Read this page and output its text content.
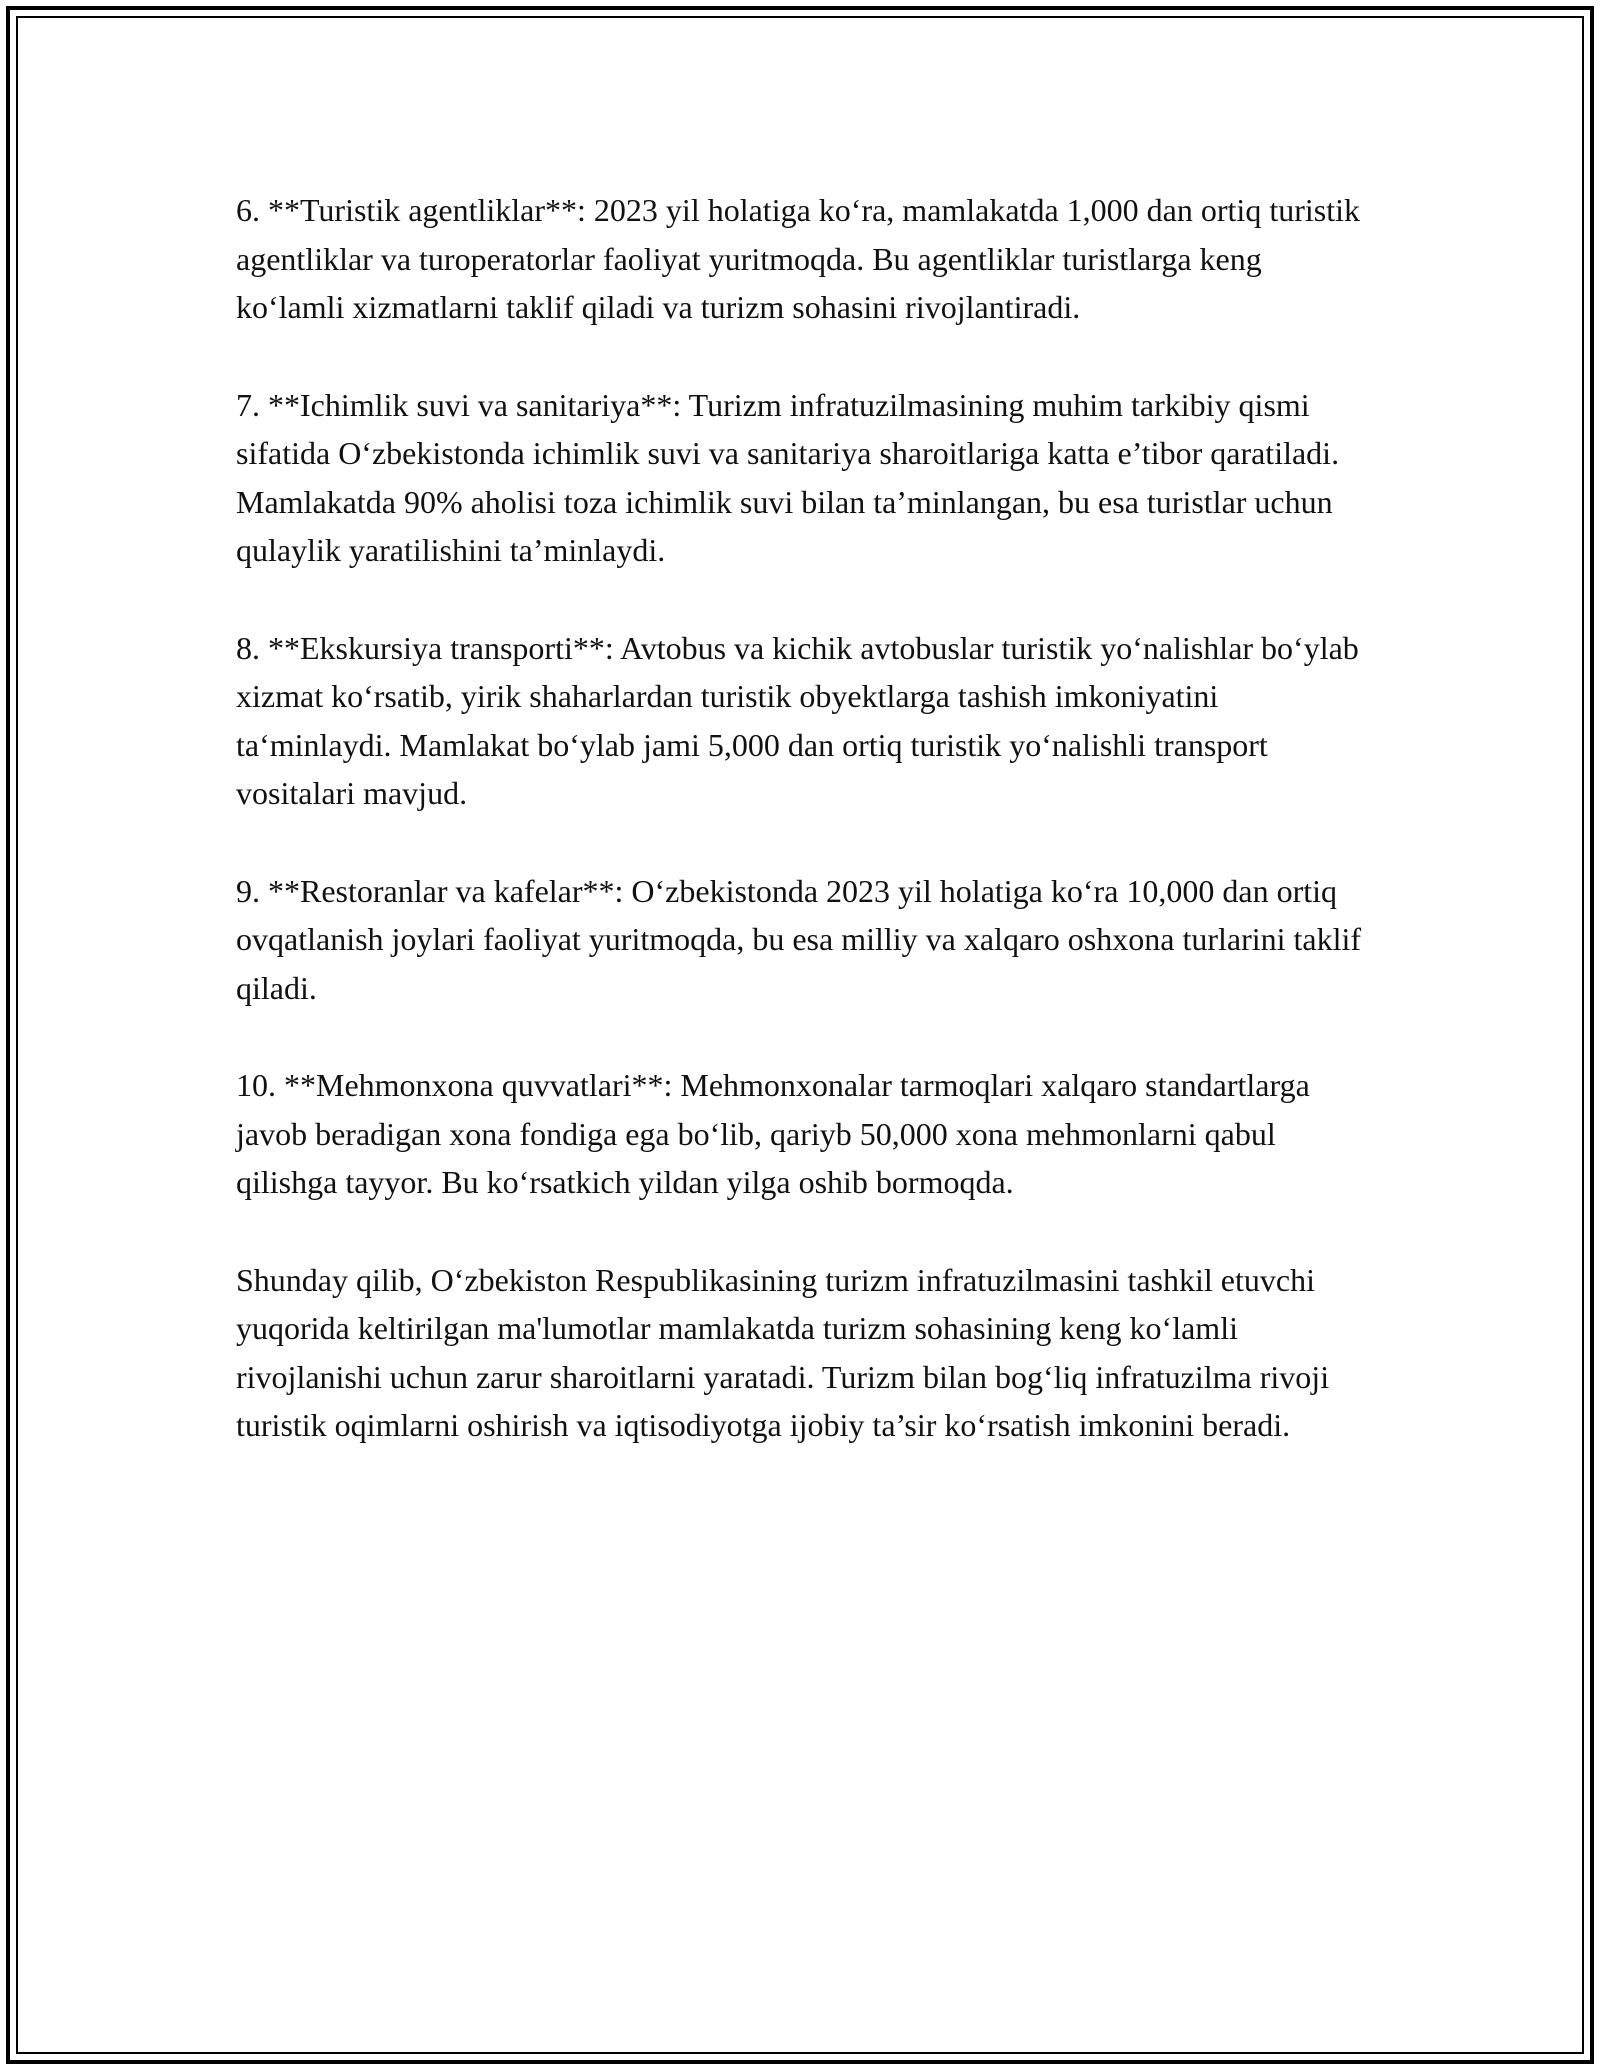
6. **Turistik agentliklar**: 2023 yil holatiga ko‘ra, mamlakatda 1,000 dan ortiq turistik agentliklar va turoperatorlar faoliyat yuritmoqda. Bu agentliklar turistlarga keng ko‘lamli xizmatlarni taklif qiladi va turizm sohasini rivojlantiradi.

7. **Ichimlik suvi va sanitariya**: Turizm infratuzilmasining muhim tarkibiy qismi sifatida O‘zbekistonda ichimlik suvi va sanitariya sharoitlariga katta e’tibor qaratiladi. Mamlakatda 90% aholisi toza ichimlik suvi bilan ta’minlangan, bu esa turistlar uchun qulaylik yaratilishini ta’minlaydi.

8. **Ekskursiya transporti**: Avtobus va kichik avtobuslar turistik yo‘nalishlar bo‘ylab xizmat ko‘rsatib, yirik shaharlardan turistik obyektlarga tashish imkoniyatini ta‘minlaydi. Mamlakat bo‘ylab jami 5,000 dan ortiq turistik yo‘nalishli transport vositalari mavjud.

9. **Restoranlar va kafelar**: O‘zbekistonda 2023 yil holatiga ko‘ra 10,000 dan ortiq ovqatlanish joylari faoliyat yuritmoqda, bu esa milliy va xalqaro oshxona turlarini taklif qiladi.

10. **Mehmonxona quvvatlari**: Mehmonxonalar tarmoqlari xalqaro standartlarga javob beradigan xona fondiga ega bo‘lib, qariyb 50,000 xona mehmonlarni qabul qilishga tayyor. Bu ko‘rsatkich yildan yilga oshib bormoqda.

Shunday qilib, O‘zbekiston Respublikasining turizm infratuzilmasini tashkil etuvchi yuqorida keltirilgan ma'lumotlar mamlakatda turizm sohasining keng ko‘lamli rivojlanishi uchun zarur sharoitlarni yaratadi. Turizm bilan bog‘liq infratuzilma rivoji turistik oqimlarni oshirish va iqtisodiyotga ijobiy ta’sir ko‘rsatish imkonini beradi.
